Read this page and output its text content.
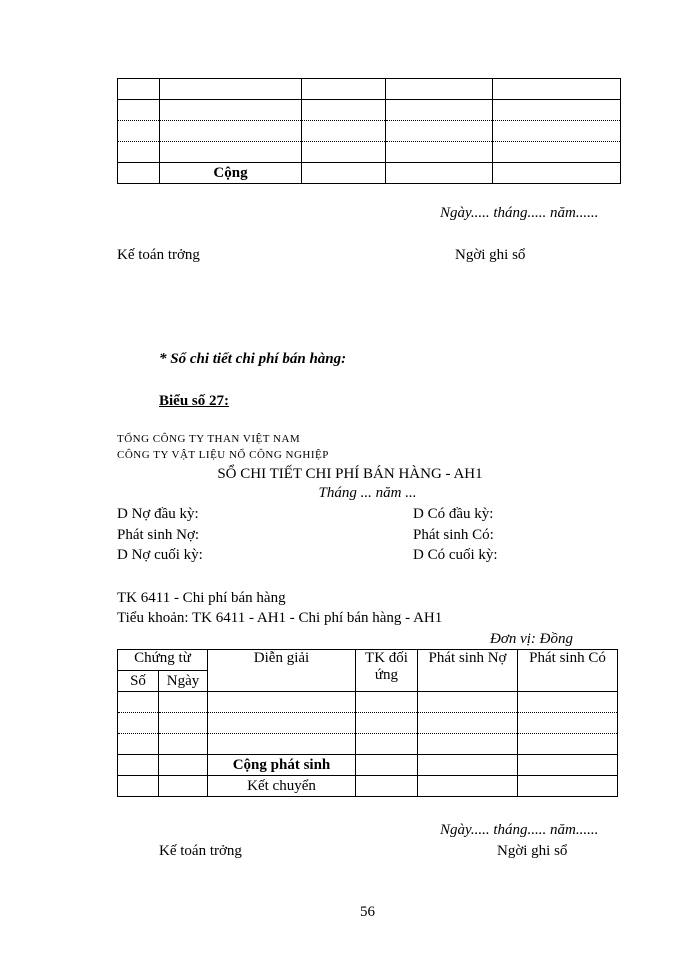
	Cộng			
Ngày..... tháng..... năm......
Kế toán trởng	Ngời ghi sổ
* Sổ chi tiết chi phí bán hàng:
Biểu số 27:
TỔNG CÔNG TY THAN VIỆT NAM
CÔNG TY VẬT LIỆU NỔ CÔNG NGHIỆP
SỔ CHI TIẾT CHI PHÍ BÁN HÀNG - AH1
Tháng ... năm ...
D Nợ đầu kỳ:	D Có đầu kỳ:
Phát sinh Nợ:	Phát sinh Có:
D Nợ cuối kỳ:	D Có cuối kỳ:
TK 6411 - Chi phí bán hàng
Tiểu khoản: TK 6411 - AH1 - Chi phí bán hàng - AH1
Đơn vị: Đồng
Chứng từ		Diễn giải	TK đối ứng	Phát sinh Nợ	Phát sinh Có
Số	Ngày				

		Cộng phát sinh			
		Kết chuyển			
Ngày..... tháng..... năm......
Kế toán trởng	Ngời ghi sổ
56
